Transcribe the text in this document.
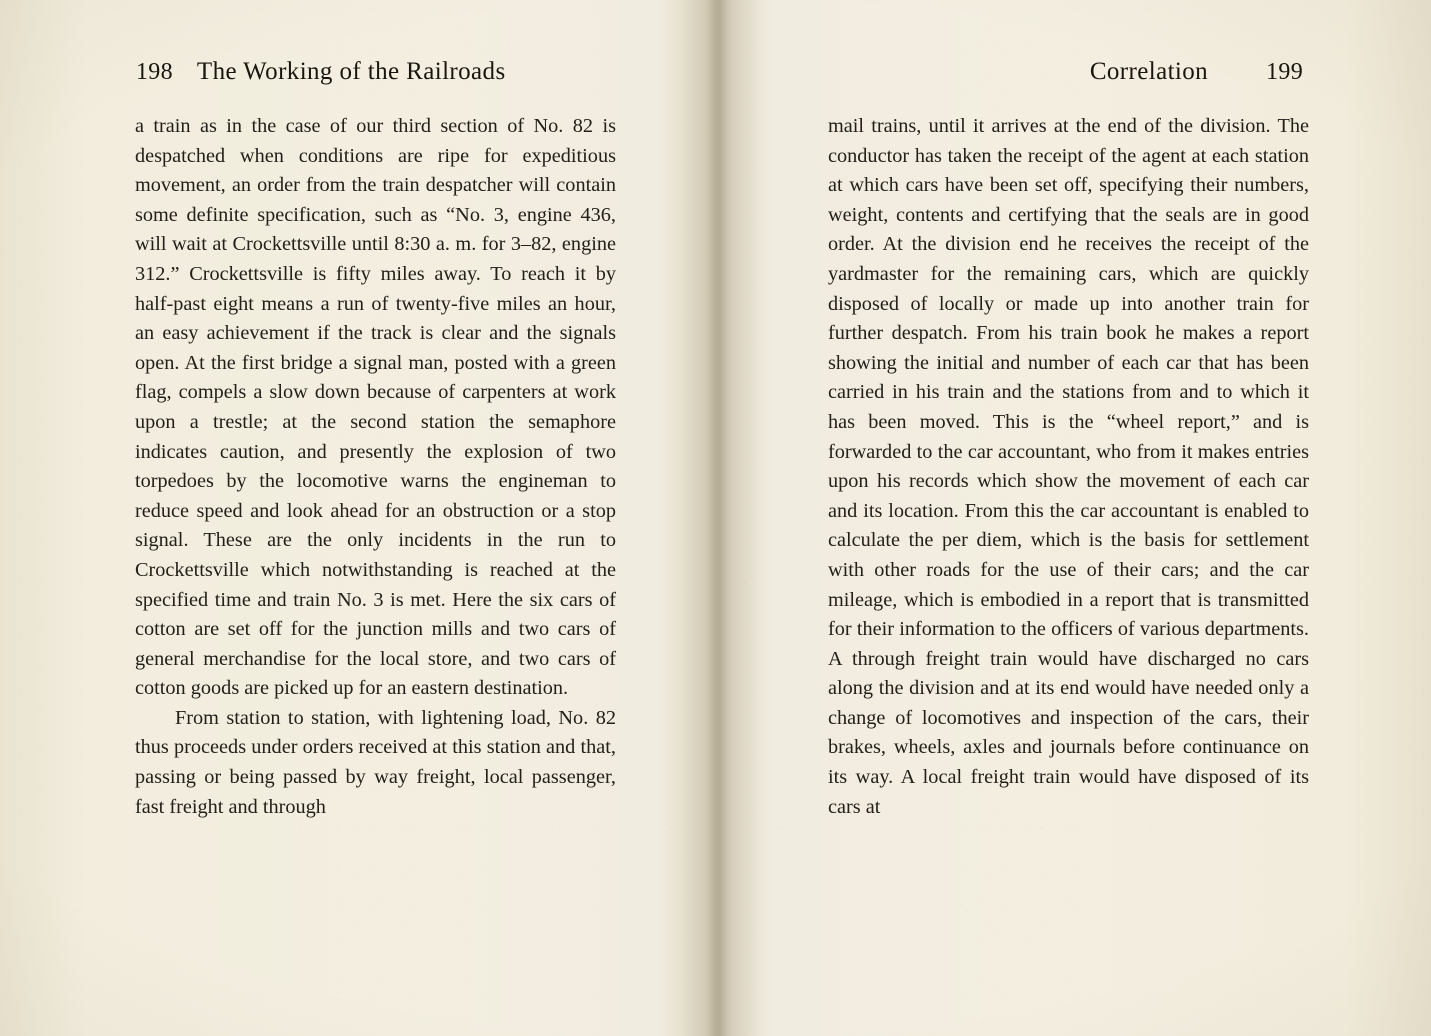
198 The Working of the Railroads

a train as in the case of our third section of No. 82 is despatched when conditions are ripe for expeditious movement, an order from the train despatcher will contain some definite specification, such as “No. 3, engine 436, will wait at Crockettsville until 8:30 a. m. for 3–82, engine 312.” Crockettsville is fifty miles away. To reach it by half-past eight means a run of twenty-five miles an hour, an easy achievement if the track is clear and the signals open. At the first bridge a signal man, posted with a green flag, compels a slow down because of carpenters at work upon a trestle; at the second station the semaphore indicates caution, and presently the explosion of two torpedoes by the locomotive warns the engineman to reduce speed and look ahead for an obstruction or a stop signal. These are the only incidents in the run to Crockettsville which notwithstanding is reached at the specified time and train No. 3 is met. Here the six cars of cotton are set off for the junction mills and two cars of general merchandise for the local store, and two cars of cotton goods are picked up for an eastern destination.

From station to station, with lightening load, No. 82 thus proceeds under orders received at this station and that, passing or being passed by way freight, local passenger, fast freight and through

Correlation 199

mail trains, until it arrives at the end of the division. The conductor has taken the receipt of the agent at each station at which cars have been set off, specifying their numbers, weight, contents and certifying that the seals are in good order. At the division end he receives the receipt of the yardmaster for the remaining cars, which are quickly disposed of locally or made up into another train for further despatch. From his train book he makes a report showing the initial and number of each car that has been carried in his train and the stations from and to which it has been moved. This is the “wheel report,” and is forwarded to the car accountant, who from it makes entries upon his records which show the movement of each car and its location. From this the car accountant is enabled to calculate the per diem, which is the basis for settlement with other roads for the use of their cars; and the car mileage, which is embodied in a report that is transmitted for their information to the officers of various departments. A through freight train would have discharged no cars along the division and at its end would have needed only a change of locomotives and inspection of the cars, their brakes, wheels, axles and journals before continuance on its way. A local freight train would have disposed of its cars at
